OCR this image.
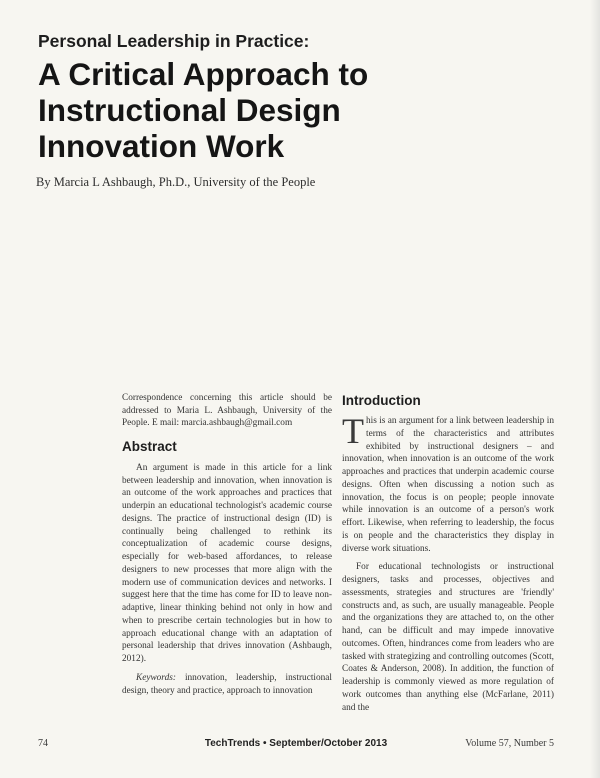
Personal Leadership in Practice:
A Critical Approach to
Instructional Design
Innovation Work
By Marcia L Ashbaugh, Ph.D., University of the People

Correspondence concerning this article should be addressed to Maria L. Ashbaugh, University of the People. E mail: marcia.ashbaugh@gmail.com

Abstract

An argument is made in this article for a link between leadership and innovation, when innovation is an outcome of the work approaches and practices that underpin an educational technologist's academic course designs. The practice of instructional design (ID) is continually being challenged to rethink its conceptualization of academic course designs, especially for web-based affordances, to release designers to new processes that more align with the modern use of communication devices and networks. I suggest here that the time has come for ID to leave non-adaptive, linear thinking behind not only in how and when to prescribe certain technologies but in how to approach educational change with an adaptation of personal leadership that drives innovation (Ashbaugh, 2012).

Keywords: innovation, leadership, instructional design, theory and practice, approach to innovation

Introduction

This is an argument for a link between leadership in terms of the characteristics and attributes exhibited by instructional designers – and innovation, when innovation is an outcome of the work approaches and practices that underpin academic course designs. Often when discussing a notion such as innovation, the focus is on people; people innovate while innovation is an outcome of a person's work effort. Likewise, when referring to leadership, the focus is on people and the characteristics they display in diverse work situations.

For educational technologists or instructional designers, tasks and processes, objectives and assessments, strategies and structures are 'friendly' constructs and, as such, are usually manageable. People and the organizations they are attached to, on the other hand, can be difficult and may impede innovative outcomes. Often, hindrances come from leaders who are tasked with strategizing and controlling outcomes (Scott, Coates & Anderson, 2008). In addition, the function of leadership is commonly viewed as more regulation of work outcomes than anything else (McFarlane, 2011) and the

74	TechTrends • September/October 2013	Volume 57, Number 5
